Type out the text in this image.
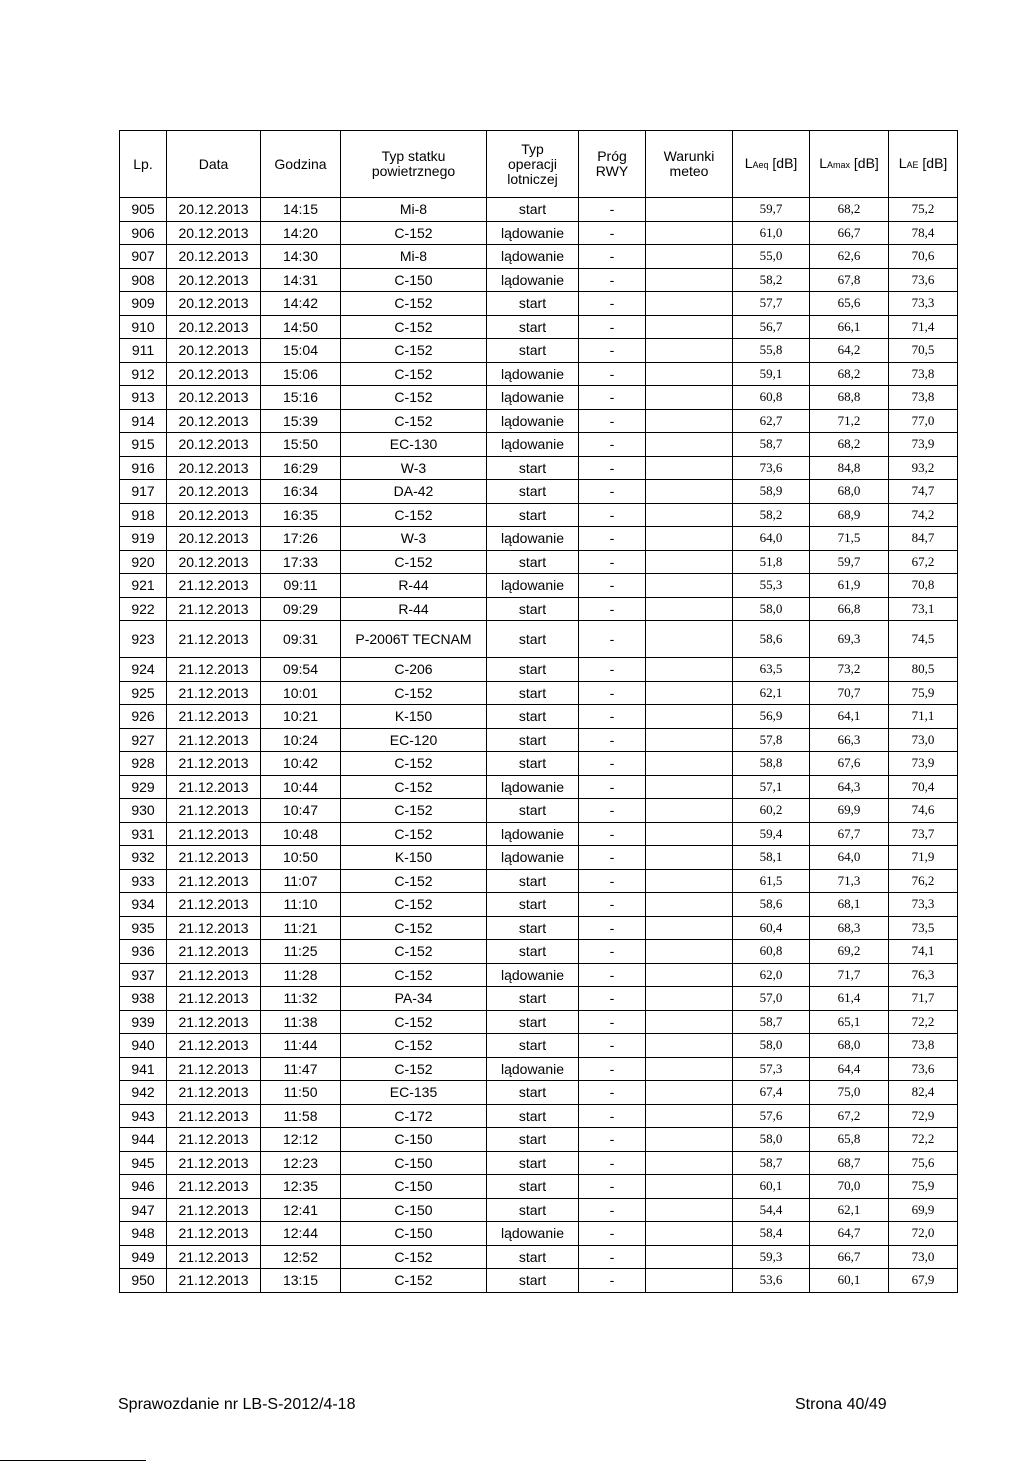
Lp.	Data	Godzina	Typ statku powietrznego	Typ operacji lotniczej	Próg RWY	Warunki meteo	LAeq [dB]	LAmax [dB]	LAE [dB]
905	20.12.2013	14:15	Mi-8	start	-		59,7	68,2	75,2
906	20.12.2013	14:20	C-152	lądowanie	-		61,0	66,7	78,4
907	20.12.2013	14:30	Mi-8	lądowanie	-		55,0	62,6	70,6
908	20.12.2013	14:31	C-150	lądowanie	-		58,2	67,8	73,6
909	20.12.2013	14:42	C-152	start	-		57,7	65,6	73,3
910	20.12.2013	14:50	C-152	start	-		56,7	66,1	71,4
911	20.12.2013	15:04	C-152	start	-		55,8	64,2	70,5
912	20.12.2013	15:06	C-152	lądowanie	-		59,1	68,2	73,8
913	20.12.2013	15:16	C-152	lądowanie	-		60,8	68,8	73,8
914	20.12.2013	15:39	C-152	lądowanie	-		62,7	71,2	77,0
915	20.12.2013	15:50	EC-130	lądowanie	-		58,7	68,2	73,9
916	20.12.2013	16:29	W-3	start	-		73,6	84,8	93,2
917	20.12.2013	16:34	DA-42	start	-		58,9	68,0	74,7
918	20.12.2013	16:35	C-152	start	-		58,2	68,9	74,2
919	20.12.2013	17:26	W-3	lądowanie	-		64,0	71,5	84,7
920	20.12.2013	17:33	C-152	start	-		51,8	59,7	67,2
921	21.12.2013	09:11	R-44	lądowanie	-		55,3	61,9	70,8
922	21.12.2013	09:29	R-44	start	-		58,0	66,8	73,1
923	21.12.2013	09:31	P-2006T TECNAM	start	-		58,6	69,3	74,5
924	21.12.2013	09:54	C-206	start	-		63,5	73,2	80,5
925	21.12.2013	10:01	C-152	start	-		62,1	70,7	75,9
926	21.12.2013	10:21	K-150	start	-		56,9	64,1	71,1
927	21.12.2013	10:24	EC-120	start	-		57,8	66,3	73,0
928	21.12.2013	10:42	C-152	start	-		58,8	67,6	73,9
929	21.12.2013	10:44	C-152	lądowanie	-		57,1	64,3	70,4
930	21.12.2013	10:47	C-152	start	-		60,2	69,9	74,6
931	21.12.2013	10:48	C-152	lądowanie	-		59,4	67,7	73,7
932	21.12.2013	10:50	K-150	lądowanie	-		58,1	64,0	71,9
933	21.12.2013	11:07	C-152	start	-		61,5	71,3	76,2
934	21.12.2013	11:10	C-152	start	-		58,6	68,1	73,3
935	21.12.2013	11:21	C-152	start	-		60,4	68,3	73,5
936	21.12.2013	11:25	C-152	start	-		60,8	69,2	74,1
937	21.12.2013	11:28	C-152	lądowanie	-		62,0	71,7	76,3
938	21.12.2013	11:32	PA-34	start	-		57,0	61,4	71,7
939	21.12.2013	11:38	C-152	start	-		58,7	65,1	72,2
940	21.12.2013	11:44	C-152	start	-		58,0	68,0	73,8
941	21.12.2013	11:47	C-152	lądowanie	-		57,3	64,4	73,6
942	21.12.2013	11:50	EC-135	start	-		67,4	75,0	82,4
943	21.12.2013	11:58	C-172	start	-		57,6	67,2	72,9
944	21.12.2013	12:12	C-150	start	-		58,0	65,8	72,2
945	21.12.2013	12:23	C-150	start	-		58,7	68,7	75,6
946	21.12.2013	12:35	C-150	start	-		60,1	70,0	75,9
947	21.12.2013	12:41	C-150	start	-		54,4	62,1	69,9
948	21.12.2013	12:44	C-150	lądowanie	-		58,4	64,7	72,0
949	21.12.2013	12:52	C-152	start	-		59,3	66,7	73,0
950	21.12.2013	13:15	C-152	start	-		53,6	60,1	67,9
Sprawozdanie nr LB-S-2012/4-18	Strona 40/49
